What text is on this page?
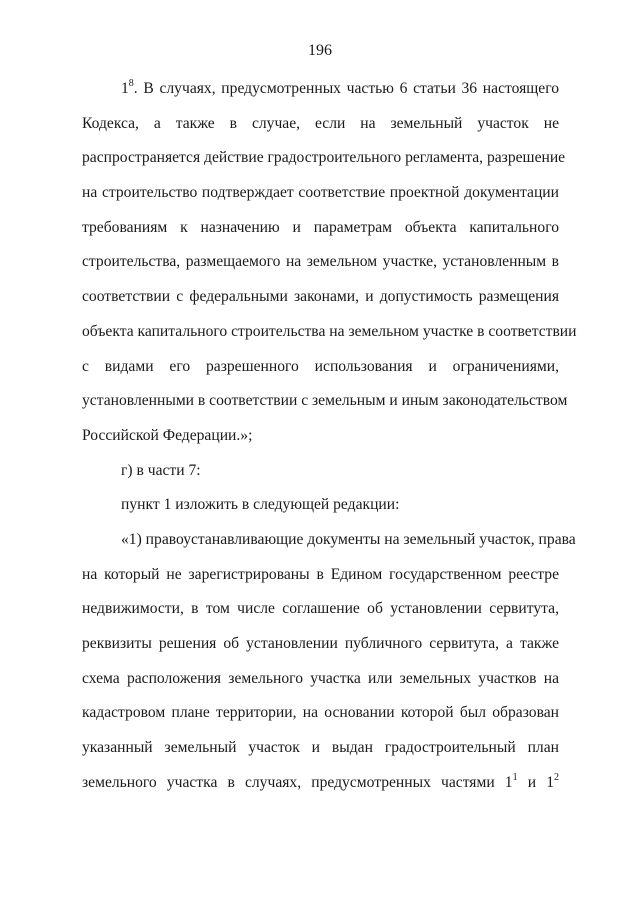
196
$1^8$. В случаях, предусмотренных частью 6 статьи 36 настоящего
Кодекса, а также в случае, если на земельный участок не
распространяется действие градостроительного регламента, разрешение
на строительство подтверждает соответствие проектной документации
требованиям к назначению и параметрам объекта капитального
строительства, размещаемого на земельном участке, установленным в
соответствии с федеральными законами, и допустимость размещения
объекта капитального строительства на земельном участке в соответствии
с видами его разрешенного использования и ограничениями,
установленными в соответствии с земельным и иным законодательством
Российской Федерации.»;
г) в части 7:
пункт 1 изложить в следующей редакции:
«1) правоустанавливающие документы на земельный участок, права
на который не зарегистрированы в Едином государственном реестре
недвижимости, в том числе соглашение об установлении сервитута,
реквизиты решения об установлении публичного сервитута, а также
схема расположения земельного участка или земельных участков на
кадастровом плане территории, на основании которой был образован
указанный земельный участок и выдан градостроительный план
земельного участка в случаях, предусмотренных частями $1^1$ и $1^2$
